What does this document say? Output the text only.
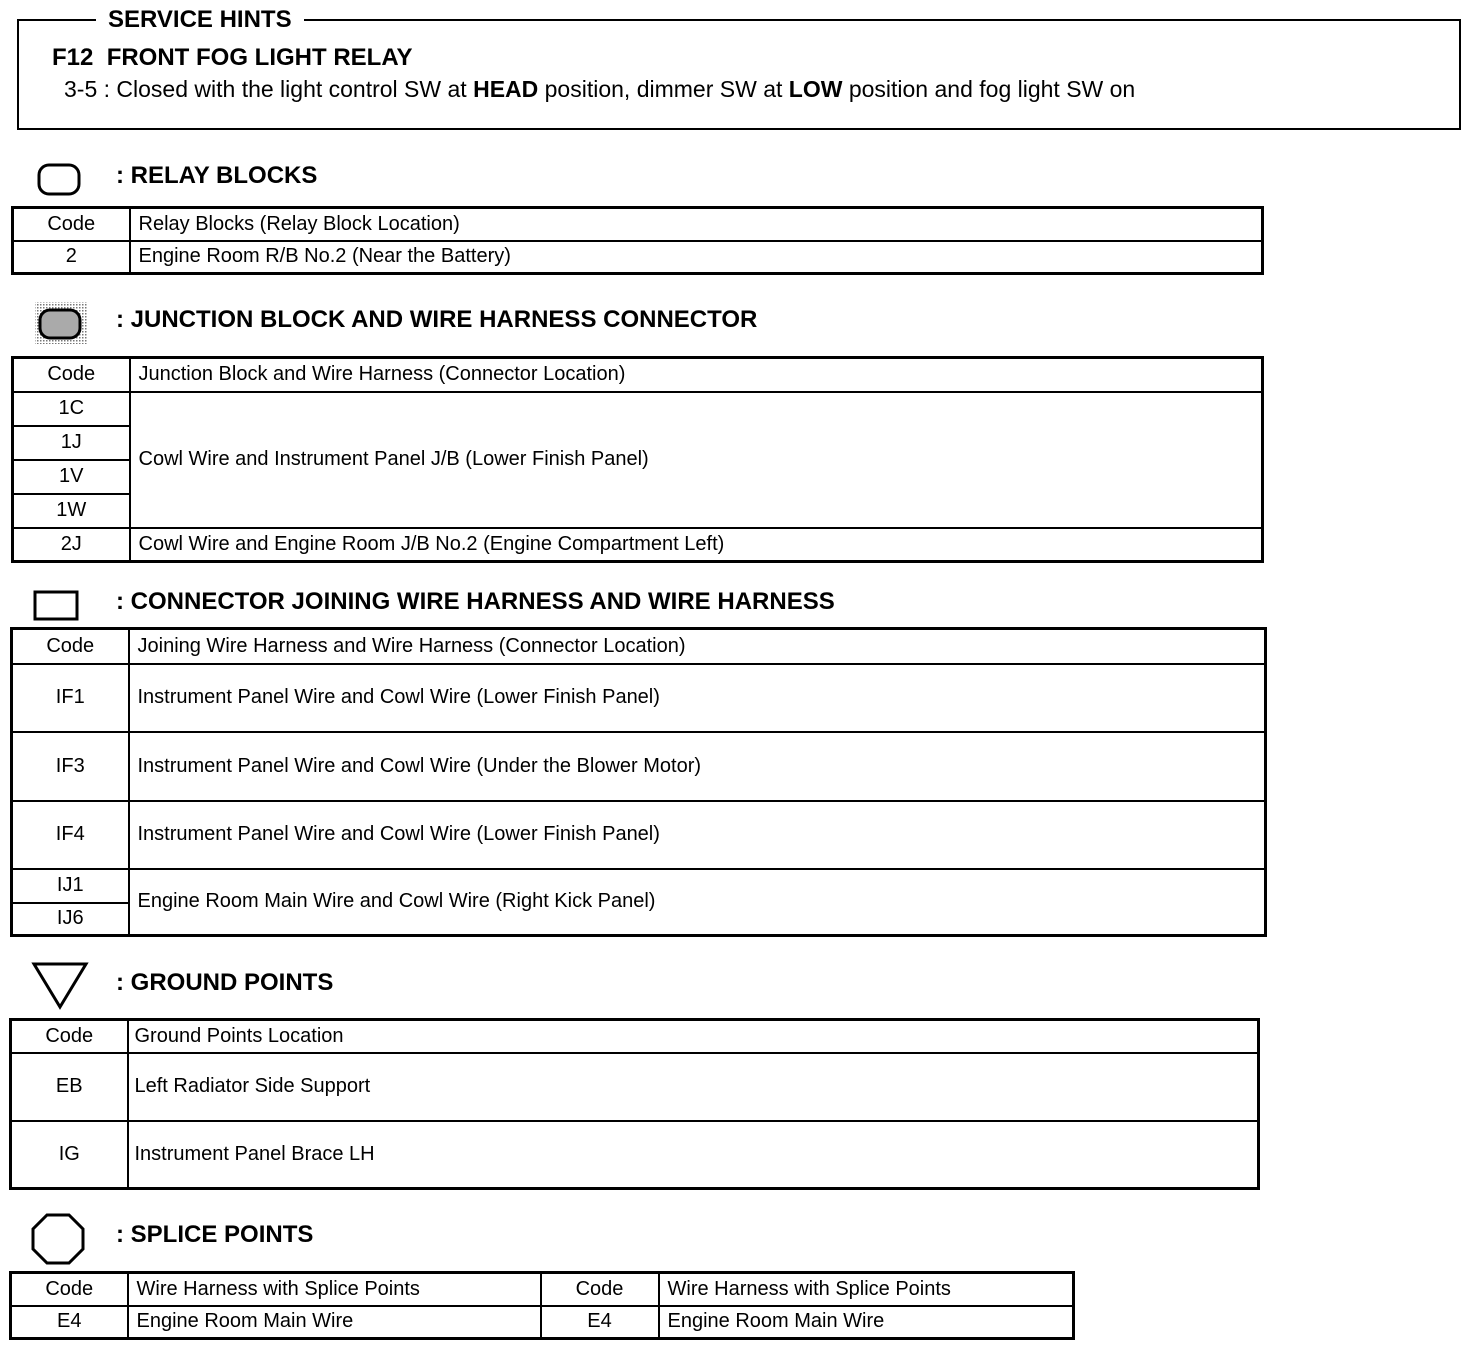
SERVICE HINTS
F12  FRONT FOG LIGHT RELAY
3-5 : Closed with the light control SW at HEAD position, dimmer SW at LOW position and fog light SW on
: RELAY BLOCKS
Code	Relay Blocks (Relay Block Location)
2	Engine Room R/B No.2 (Near the Battery)
: JUNCTION BLOCK AND WIRE HARNESS CONNECTOR
Code	Junction Block and Wire Harness (Connector Location)
1C	Cowl Wire and Instrument Panel J/B (Lower Finish Panel)
1J	
1V	
1W	
2J	Cowl Wire and Engine Room J/B No.2 (Engine Compartment Left)
: CONNECTOR JOINING WIRE HARNESS AND WIRE HARNESS
Code	Joining Wire Harness and Wire Harness (Connector Location)
IF1	Instrument Panel Wire and Cowl Wire (Lower Finish Panel)
IF3	Instrument Panel Wire and Cowl Wire (Under the Blower Motor)
IF4	Instrument Panel Wire and Cowl Wire (Lower Finish Panel)
IJ1	Engine Room Main Wire and Cowl Wire (Right Kick Panel)
IJ6	
: GROUND POINTS
Code	Ground Points Location
EB	Left Radiator Side Support
IG	Instrument Panel Brace LH
: SPLICE POINTS
Code	Wire Harness with Splice Points	Code	Wire Harness with Splice Points
E4	Engine Room Main Wire	E4	Engine Room Main Wire
